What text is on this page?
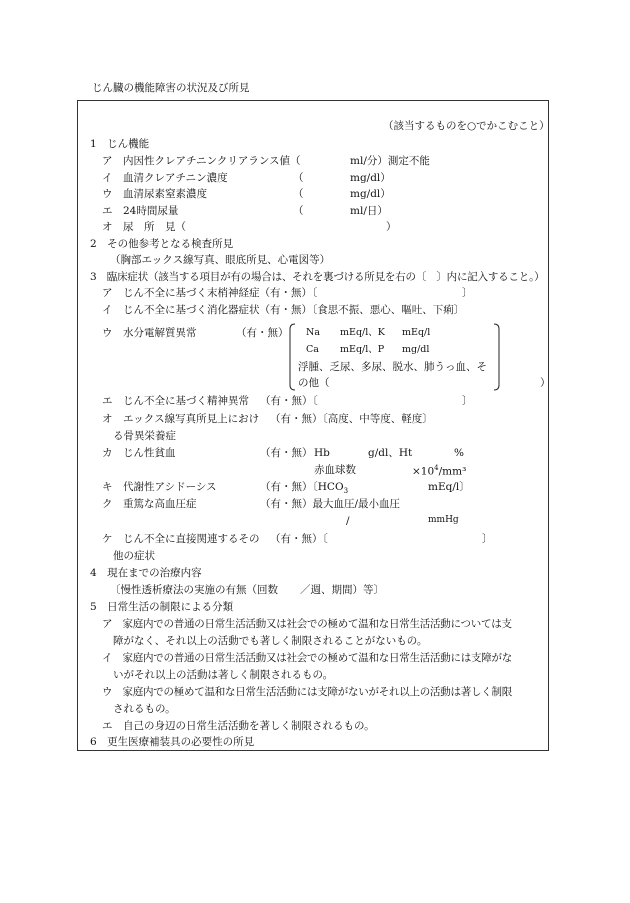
じん臓の機能障害の状況及び所見
（該当するものを○でかこむこと）
1　じん機能
ア　内因性クレアチニンクリアランス値（	ml/分）測定不能
イ　血清クレアチニン濃度	（	mg/dl）
ウ　血清尿素窒素濃度	（	mg/dl）
エ　24時間尿量	（	ml/日）
オ　尿　所　見（	）
2　その他参考となる検査所見
（胸部エックス線写真、眼底所見、心電図等）
3　臨床症状（該当する項目が有の場合は、それを裏づける所見を右の〔　〕内に記入すること。）
ア　じん不全に基づく末梢神経症（有・無）〔	〕
イ　じん不全に基づく消化器症状（有・無）〔食思不振、悪心、嘔吐、下痢〕
ウ　水分電解質異常	（有・無） Na mEq/l、K mEq/l
Ca mEq/l、P mg/dl
浮腫、乏尿、多尿、脱水、肺うっ血、そ
の他（	）
エ　じん不全に基づく精神異常 （有・無）〔	〕
オ　エックス線写真所見上におけ （有・無）〔高度、中等度、軽度〕
る骨異栄養症
カ　じん性貧血	（有・無） Hb	g/dl、Ht	%
赤血球数	$\times 10^4$/mm³
キ　代謝性アシドーシス	（有・無）〔$HCO_3$	mEq/l〕
ク　重篤な高血圧症	（有・無）最大血圧/最小血圧
/	mmHg
ケ　じん不全に直接関連するその （有・無）〔	〕
他の症状
4　現在までの治療内容
〔慢性透析療法の実施の有無（回数 ／週、期間）等〕
5　日常生活の制限による分類
ア　家庭内での普通の日常生活活動又は社会での極めて温和な日常生活活動については支
障がなく、それ以上の活動でも著しく制限されることがないもの。
イ　家庭内での普通の日常生活活動又は社会での極めて温和な日常生活活動には支障がな
いがそれ以上の活動は著しく制限されるもの。
ウ　家庭内での極めて温和な日常生活活動には支障がないがそれ以上の活動は著しく制限
されるもの。
エ　自己の身辺の日常生活活動を著しく制限されるもの。
6　更生医療補装具の必要性の所見
